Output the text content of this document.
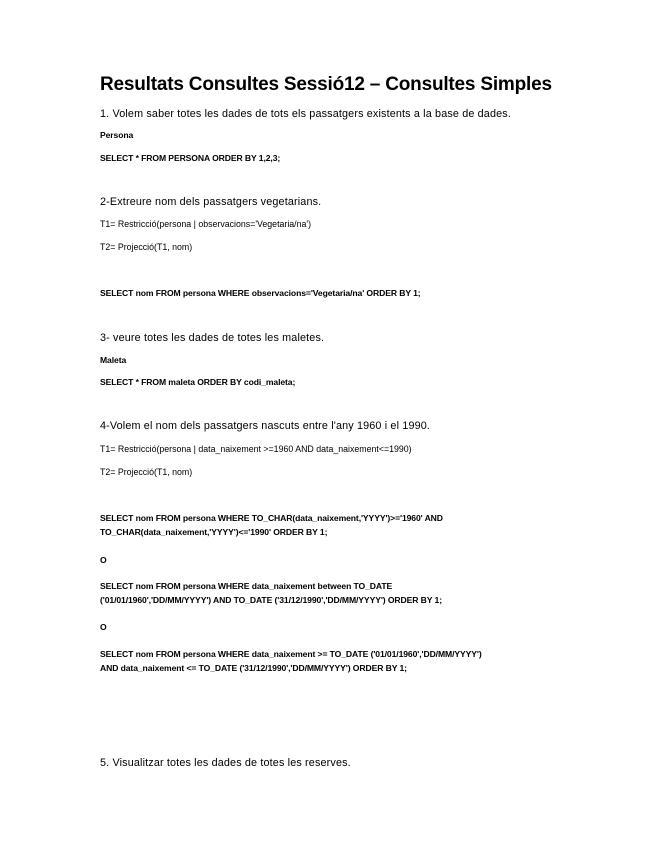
Resultats Consultes Sessió12 – Consultes Simples

1. Volem saber totes les dades de tots els passatgers existents a la base de dades.

Persona

SELECT * FROM PERSONA ORDER BY 1,2,3;

2-Extreure nom dels passatgers vegetarians.

T1= Restricció(persona | observacions='Vegetaria/na')

T2= Projecció(T1, nom)

SELECT nom FROM persona WHERE observacions='Vegetaria/na' ORDER BY 1;

3- veure totes les dades de totes les maletes.

Maleta

SELECT * FROM maleta ORDER BY codi_maleta;

4-Volem el nom dels passatgers nascuts entre l'any 1960 i el 1990.

T1= Restricció(persona | data_naixement >=1960 AND data_naixement<=1990)

T2= Projecció(T1, nom)

SELECT nom FROM persona WHERE TO_CHAR(data_naixement,'YYYY')>='1960' AND

TO_CHAR(data_naixement,'YYYY')<='1990' ORDER BY 1;

O

SELECT nom FROM persona WHERE data_naixement between TO_DATE

('01/01/1960','DD/MM/YYYY') AND TO_DATE ('31/12/1990','DD/MM/YYYY') ORDER BY 1;

O

SELECT nom FROM persona WHERE data_naixement >= TO_DATE ('01/01/1960','DD/MM/YYYY')

AND data_naixement <= TO_DATE ('31/12/1990','DD/MM/YYYY') ORDER BY 1;

5. Visualitzar totes les dades de totes les reserves.
